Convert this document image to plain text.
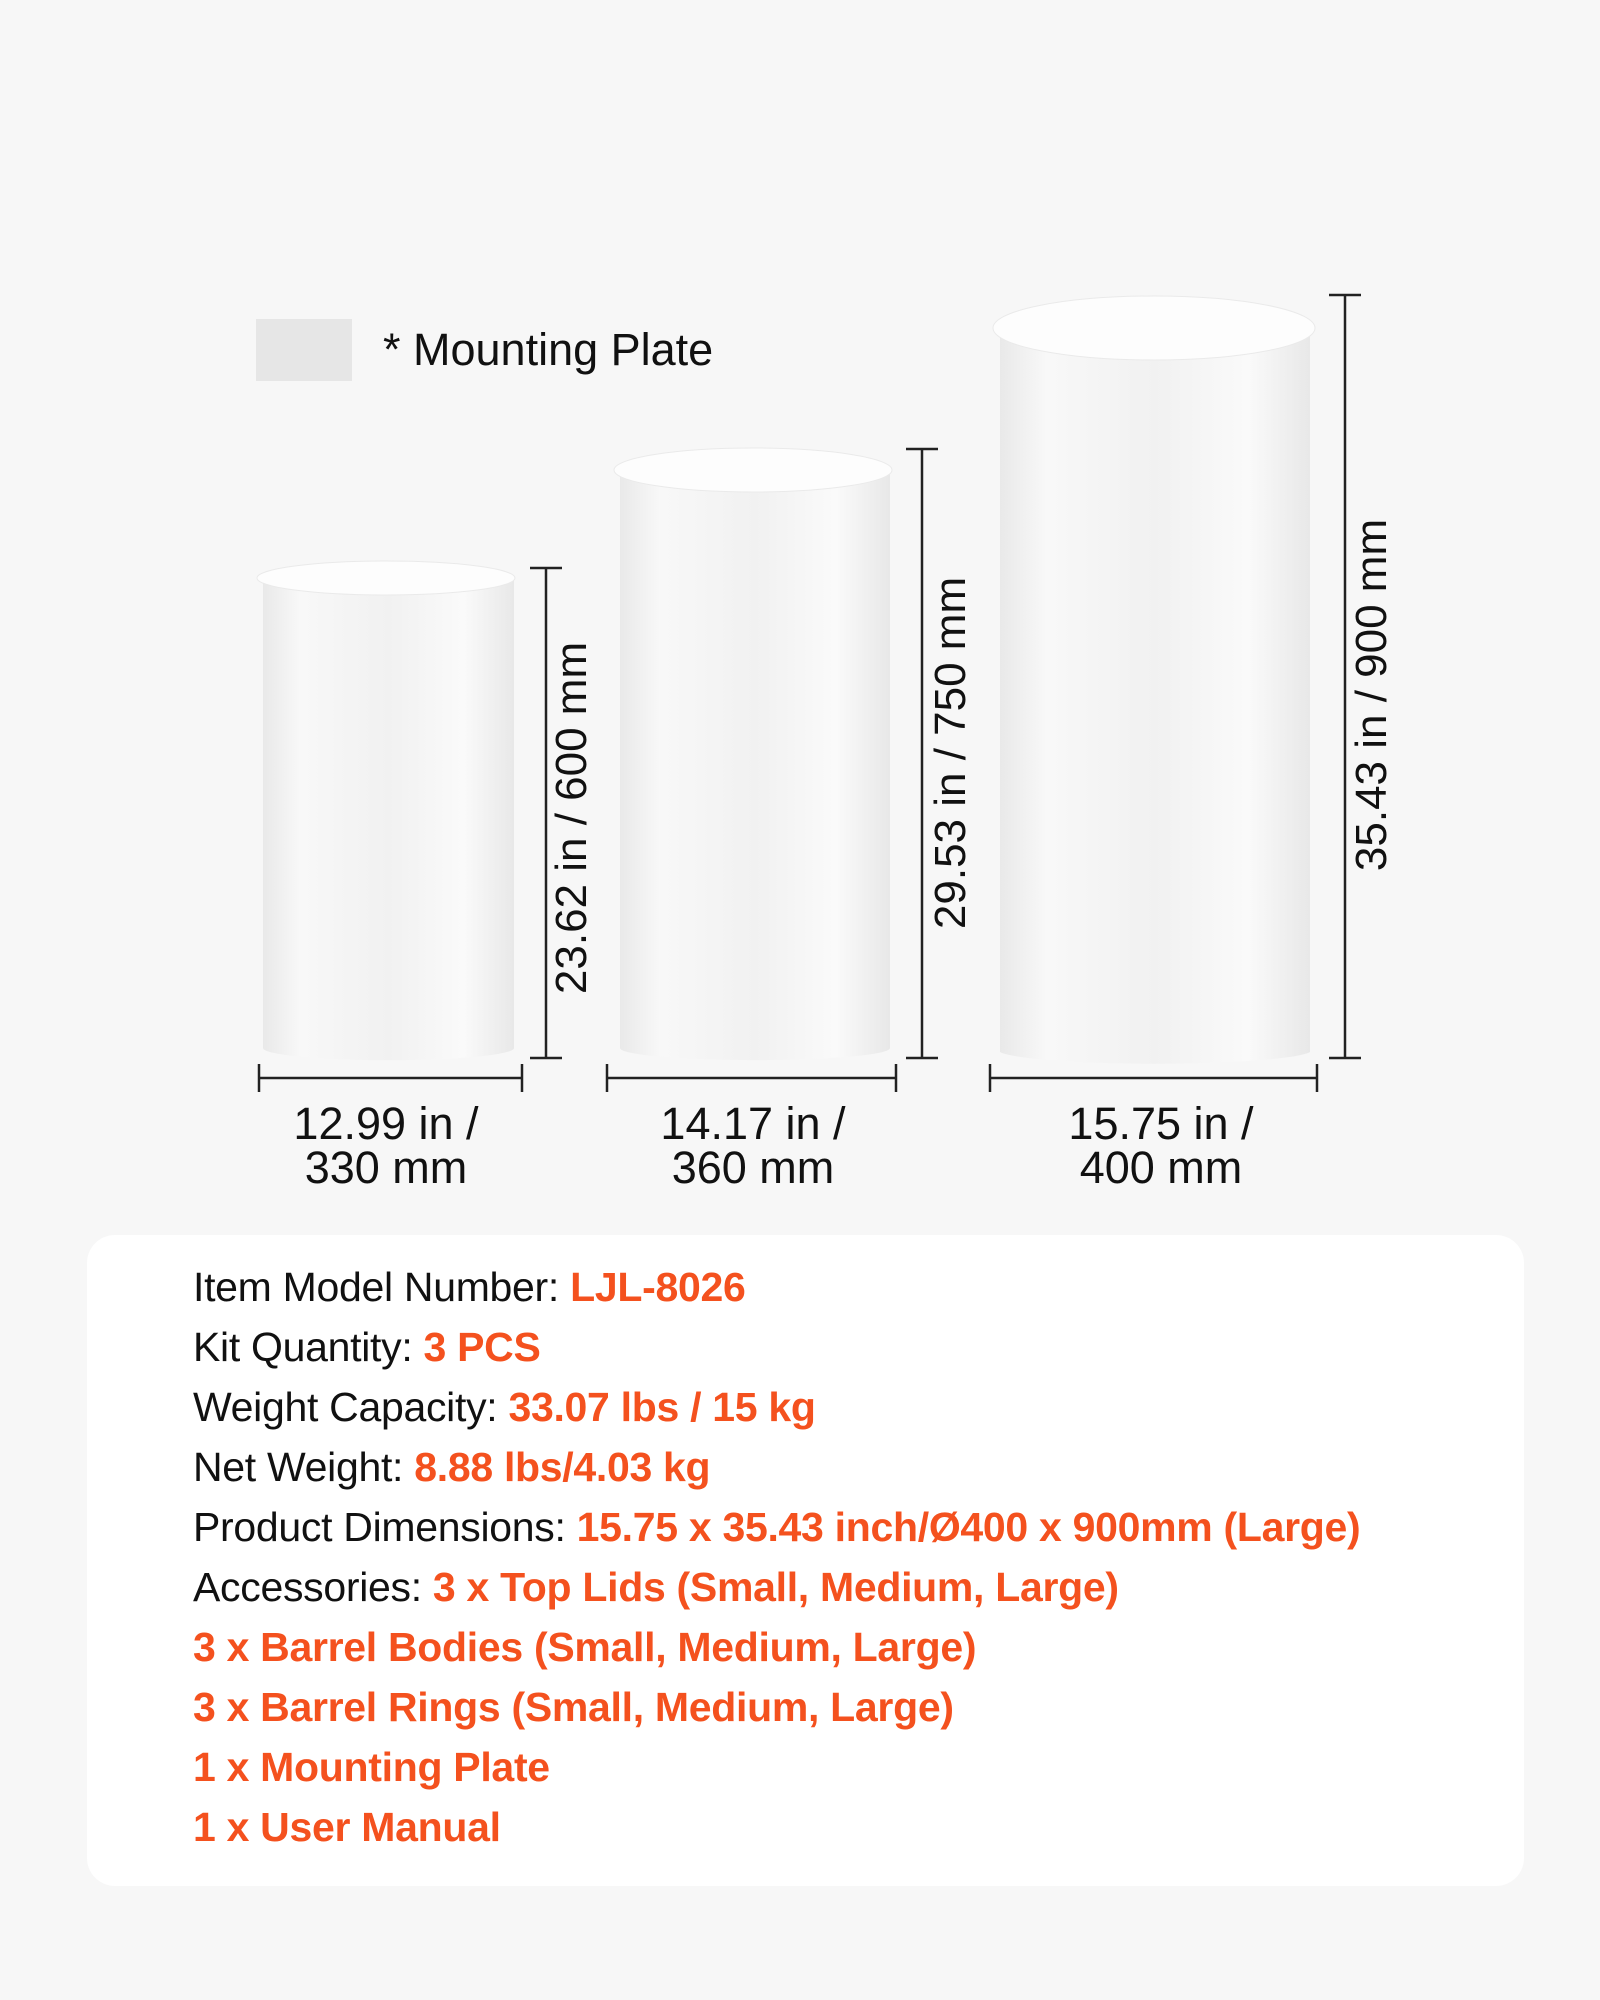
* Mounting Plate
23.62 in / 600 mm	29.53 in / 750 mm	35.43 in / 900 mm
12.99 in /
330 mm
14.17 in /
360 mm
15.75 in /
400 mm
Item Model Number: LJL-8026
Kit Quantity: 3 PCS
Weight Capacity: 33.07 lbs / 15 kg
Net Weight: 8.88 lbs/4.03 kg
Product Dimensions: 15.75 x 35.43 inch/Ø400 x 900mm (Large)
Accessories: 3 x Top Lids (Small, Medium, Large)
3 x Barrel Bodies (Small, Medium, Large)
3 x Barrel Rings (Small, Medium, Large)
1 x Mounting Plate
1 x User Manual
